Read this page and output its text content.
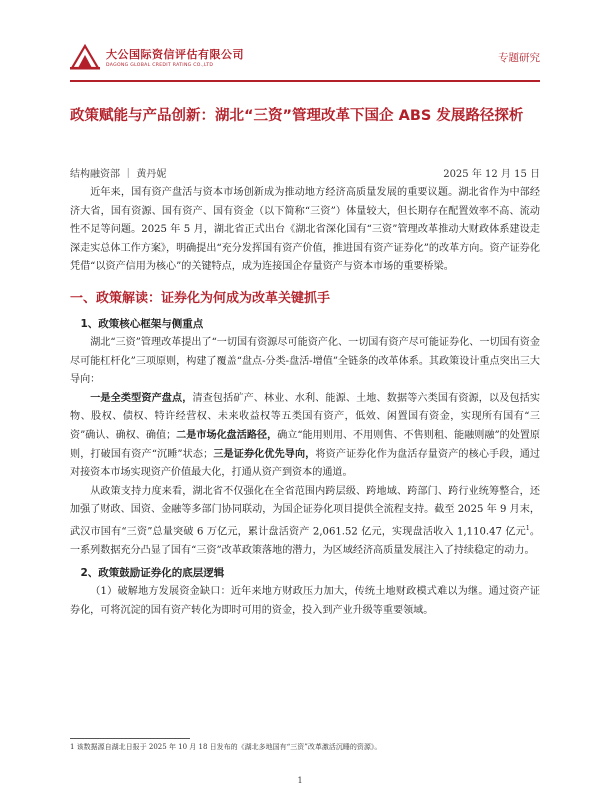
大公国际资信评估有限公司
DAGONG GLOBAL CREDIT RATING CO.,LTD
专题研究
政策赋能与产品创新：湖北“三资”管理改革下国企 ABS 发展路径探析
结构融资部 ｜ 黄丹妮	2025 年 12 月 15 日

近年来，国有资产盘活与资本市场创新成为推动地方经济高质量发展的重要议题。湖北省作为中部经济大省，国有资源、国有资产、国有资金（以下简称“三资”）体量较大，但长期存在配置效率不高、流动性不足等问题。2025 年 5 月，湖北省正式出台《湖北省深化国有“三资”管理改革推动大财政体系建设走深走实总体工作方案》，明确提出“充分发挥国有资产价值，推进国有资产证券化”的改革方向。资产证券化凭借“以资产信用为核心”的关键特点，成为连接国企存量资产与资本市场的重要桥梁。

一、政策解读：证券化为何成为改革关键抓手
1、政策核心框架与侧重点

湖北“三资”管理改革提出了“一切国有资源尽可能资产化、一切国有资产尽可能证券化、一切国有资金尽可能杠杆化”三项原则，构建了覆盖“盘点-分类-盘活-增值”全链条的改革体系。其政策设计重点突出三大导向：

一是全类型资产盘点，清查包括矿产、林业、水利、能源、土地、数据等六类国有资源，以及包括实物、股权、债权、特许经营权、未来收益权等五类国有资产，低效、闲置国有资金，实现所有国有“三资”确认、确权、确值；二是市场化盘活路径，确立“能用则用、不用则售、不售则租、能融则融”的处置原则，打破国有资产“沉睡”状态；三是证券化优先导向，将资产证券化作为盘活存量资产的核心手段，通过对接资本市场实现资产价值最大化，打通从资产到资本的通道。

从政策支持力度来看，湖北省不仅强化在全省范围内跨层级、跨地域、跨部门、跨行业统筹整合，还加强了财政、国资、金融等多部门协同联动，为国企证券化项目提供全流程支持。截至 2025 年 9 月末，武汉市国有“三资”总量突破 6 万亿元，累计盘活资产 2,061.52 亿元，实现盘活收入 1,110.47 亿元$^1$。一系列数据充分凸显了国有“三资”改革政策落地的潜力，为区域经济高质量发展注入了持续稳定的动力。

2、政策鼓励证券化的底层逻辑

（1）破解地方发展资金缺口：近年来地方财政压力加大，传统土地财政模式难以为继。通过资产证券化，可将沉淀的国有资产转化为即时可用的资金，投入到产业升级等重要领域。

1 该数据源自湖北日报于 2025 年 10 月 18 日发布的《湖北多地国有“三资”改革激活沉睡的资源》。
1
